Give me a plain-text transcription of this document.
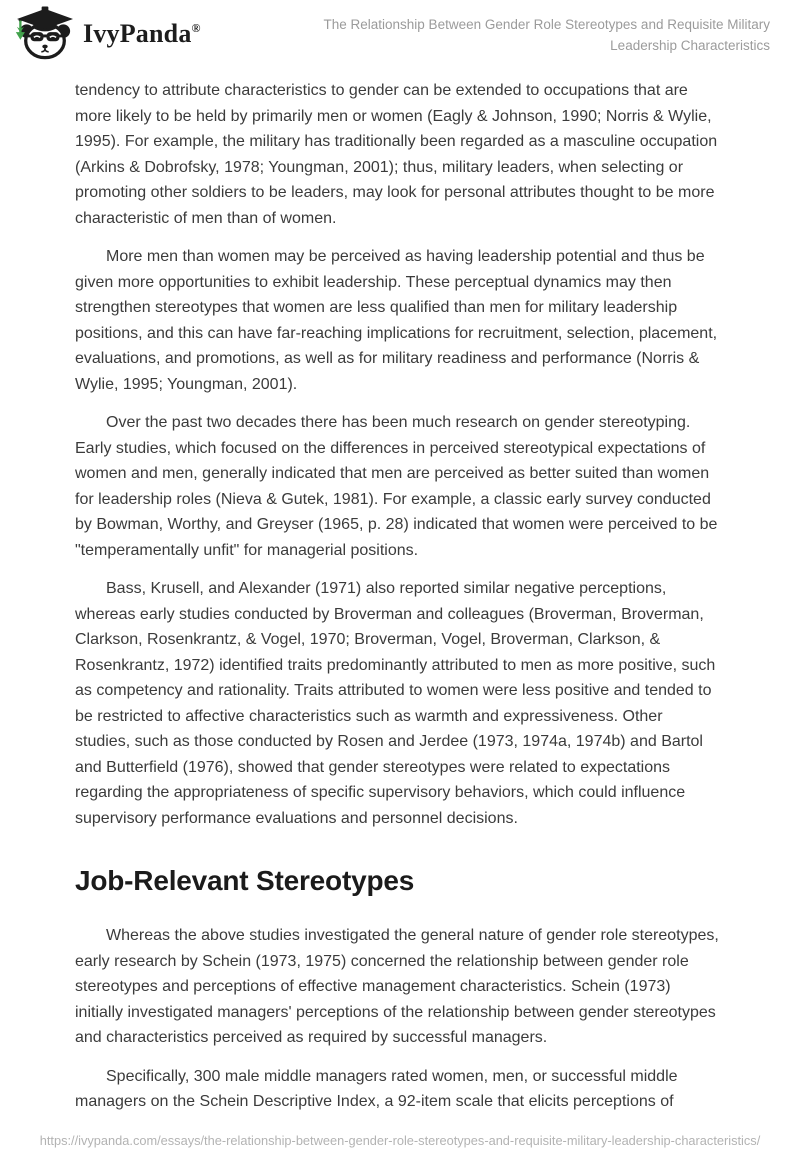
IvyPanda®	The Relationship Between Gender Role Stereotypes and Requisite Military Leadership Characteristics

tendency to attribute characteristics to gender can be extended to occupations that are more likely to be held by primarily men or women (Eagly & Johnson, 1990; Norris & Wylie, 1995). For example, the military has traditionally been regarded as a masculine occupation (Arkins & Dobrofsky, 1978; Youngman, 2001); thus, military leaders, when selecting or promoting other soldiers to be leaders, may look for personal attributes thought to be more characteristic of men than of women.

More men than women may be perceived as having leadership potential and thus be given more opportunities to exhibit leadership. These perceptual dynamics may then strengthen stereotypes that women are less qualified than men for military leadership positions, and this can have far-reaching implications for recruitment, selection, placement, evaluations, and promotions, as well as for military readiness and performance (Norris & Wylie, 1995; Youngman, 2001).

Over the past two decades there has been much research on gender stereotyping. Early studies, which focused on the differences in perceived stereotypical expectations of women and men, generally indicated that men are perceived as better suited than women for leadership roles (Nieva & Gutek, 1981). For example, a classic early survey conducted by Bowman, Worthy, and Greyser (1965, p. 28) indicated that women were perceived to be "temperamentally unfit" for managerial positions.

Bass, Krusell, and Alexander (1971) also reported similar negative perceptions, whereas early studies conducted by Broverman and colleagues (Broverman, Broverman, Clarkson, Rosenkrantz, & Vogel, 1970; Broverman, Vogel, Broverman, Clarkson, & Rosenkrantz, 1972) identified traits predominantly attributed to men as more positive, such as competency and rationality. Traits attributed to women were less positive and tended to be restricted to affective characteristics such as warmth and expressiveness. Other studies, such as those conducted by Rosen and Jerdee (1973, 1974a, 1974b) and Bartol and Butterfield (1976), showed that gender stereotypes were related to expectations regarding the appropriateness of specific supervisory behaviors, which could influence supervisory performance evaluations and personnel decisions.

Job-Relevant Stereotypes

Whereas the above studies investigated the general nature of gender role stereotypes, early research by Schein (1973, 1975) concerned the relationship between gender role stereotypes and perceptions of effective management characteristics. Schein (1973) initially investigated managers' perceptions of the relationship between gender stereotypes and characteristics perceived as required by successful managers.

Specifically, 300 male middle managers rated women, men, or successful middle managers on the Schein Descriptive Index, a 92-item scale that elicits perceptions of

https://ivypanda.com/essays/the-relationship-between-gender-role-stereotypes-and-requisite-military-leadership-characteristics/
